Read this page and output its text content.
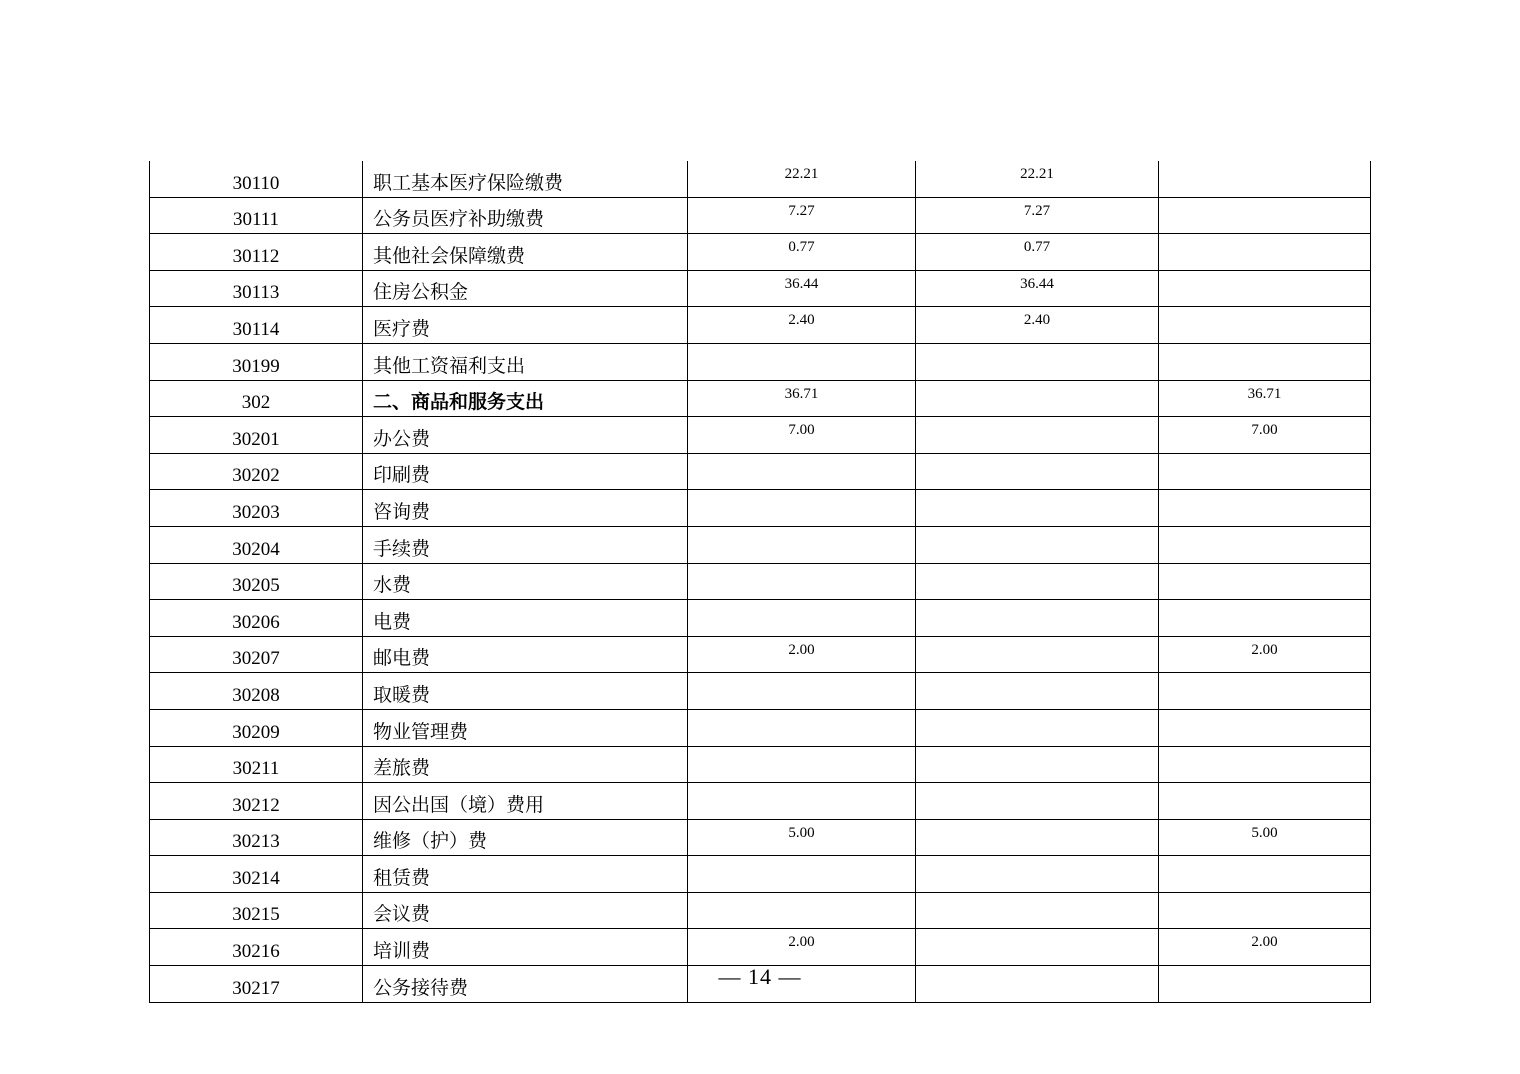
30110	职工基本医疗保险缴费	22.21	22.21	
30111	公务员医疗补助缴费	7.27	7.27	
30112	其他社会保障缴费	0.77	0.77	
30113	住房公积金	36.44	36.44	
30114	医疗费	2.40	2.40	
30199	其他工资福利支出			
302	二、商品和服务支出	36.71		36.71
30201	办公费	7.00		7.00
30202	印刷费			
30203	咨询费			
30204	手续费			
30205	水费			
30206	电费			
30207	邮电费	2.00		2.00
30208	取暖费			
30209	物业管理费			
30211	差旅费			
30212	因公出国（境）费用			
30213	维修（护）费	5.00		5.00
30214	租赁费			
30215	会议费			
30216	培训费	2.00		2.00
30217	公务接待费				— 14 —
